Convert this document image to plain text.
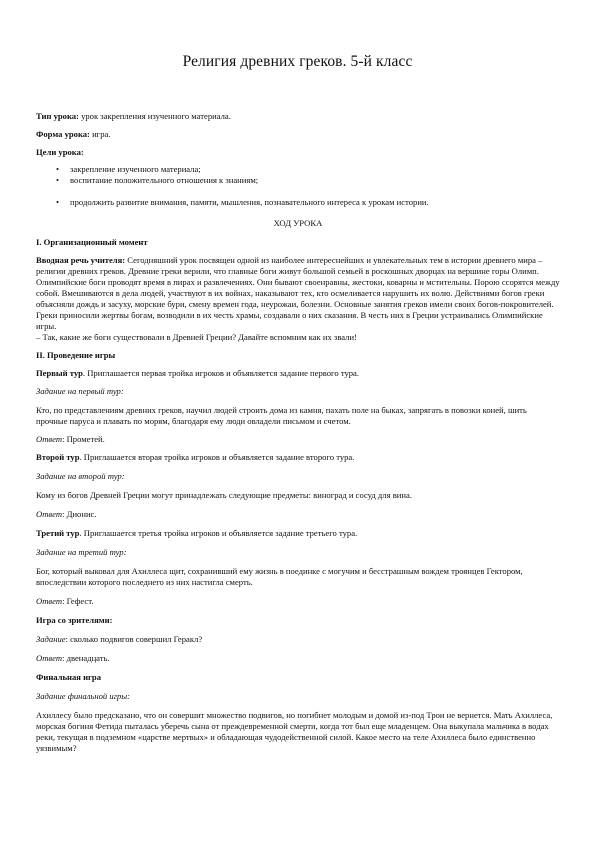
Религия древних греков. 5-й класс

Тип урока: урок закрепления изученного материала.

Форма урока: игра.

Цели урока:

• закрепление изученного материала;
• воспитание положительного отношения к знаниям;
• продолжить развитие внимания, памяти, мышления, познавательного интереса к урокам истории.

ХОД УРОКА

I. Организационный момент

Вводная речь учителя: Сегодняшний урок посвящен одной из наиболее интереснейших и увлекательных тем в истории древнего мира – религии древних греков. Древние греки верили, что главные боги живут большой семьей в роскошных дворцах на вершине горы Олимп. Олимпийские боги проводят время в пирах и развлечениях. Они бывают своенравны, жестоки, коварны и мстительны. Порою ссорятся между собой. Вмешиваются в дела людей, участвуют в их войнах, наказывают тех, кто осмеливается нарушить их волю. Действиями богов греки объясняли дождь и засуху, морские бури, смену времен года, неурожаи, болезни. Основные занятия греков имели своих богов-покровителей. Греки приносили жертвы богам, возводили в их честь храмы, создавали о них сказания. В честь них в Греции устраивались Олимпийские игры.

– Так, какие же боги существовали в Древней Греции? Давайте вспомним как их звали!

II. Проведение игры

Первый тур. Приглашается первая тройка игроков и объявляется задание первого тура.

Задание на первый тур:

Кто, по представлениям древних греков, научил людей строить дома из камня, пахать поле на быках, запрягать в повозки коней, шить прочные паруса и плавать по морям, благодаря ему люди овладели письмом и счетом.

Ответ: Прометей.

Второй тур. Приглашается вторая тройка игроков и объявляется задание второго тура.

Задание на второй тур:

Кому из богов Древней Греции могут принадлежать следующие предметы: виноград и сосуд для вина.

Ответ: Дионис.

Третий тур. Приглашается третья тройка игроков и объявляется задание третьего тура.

Задание на третий тур:

Бог, который выковал для Ахиллеса щит, сохранивший ему жизнь в поединке с могучим и бесстрашным вождем троянцев Гектором, впоследствии которого последнего из них настигла смерть.

Ответ: Гефест.

Игра со зрителями:

Задание: сколько подвигов совершил Геракл?

Ответ: двенадцать.

Финальная игра

Задание финальной игры:

Ахиллесу было предсказано, что он совершит множество подвигов, но погибнет молодым и домой из-под Трои не вернется. Мать Ахиллеса, морская богиня Фетида пыталась уберечь сына от преждевременной смерти, когда тот был еще младенцем. Она выкупала мальчика в водах реки, текущая в подземном «царстве мертвых» и обладающая чудодейственной силой. Какое место на теле Ахиллеса было единственно уязвимым?
